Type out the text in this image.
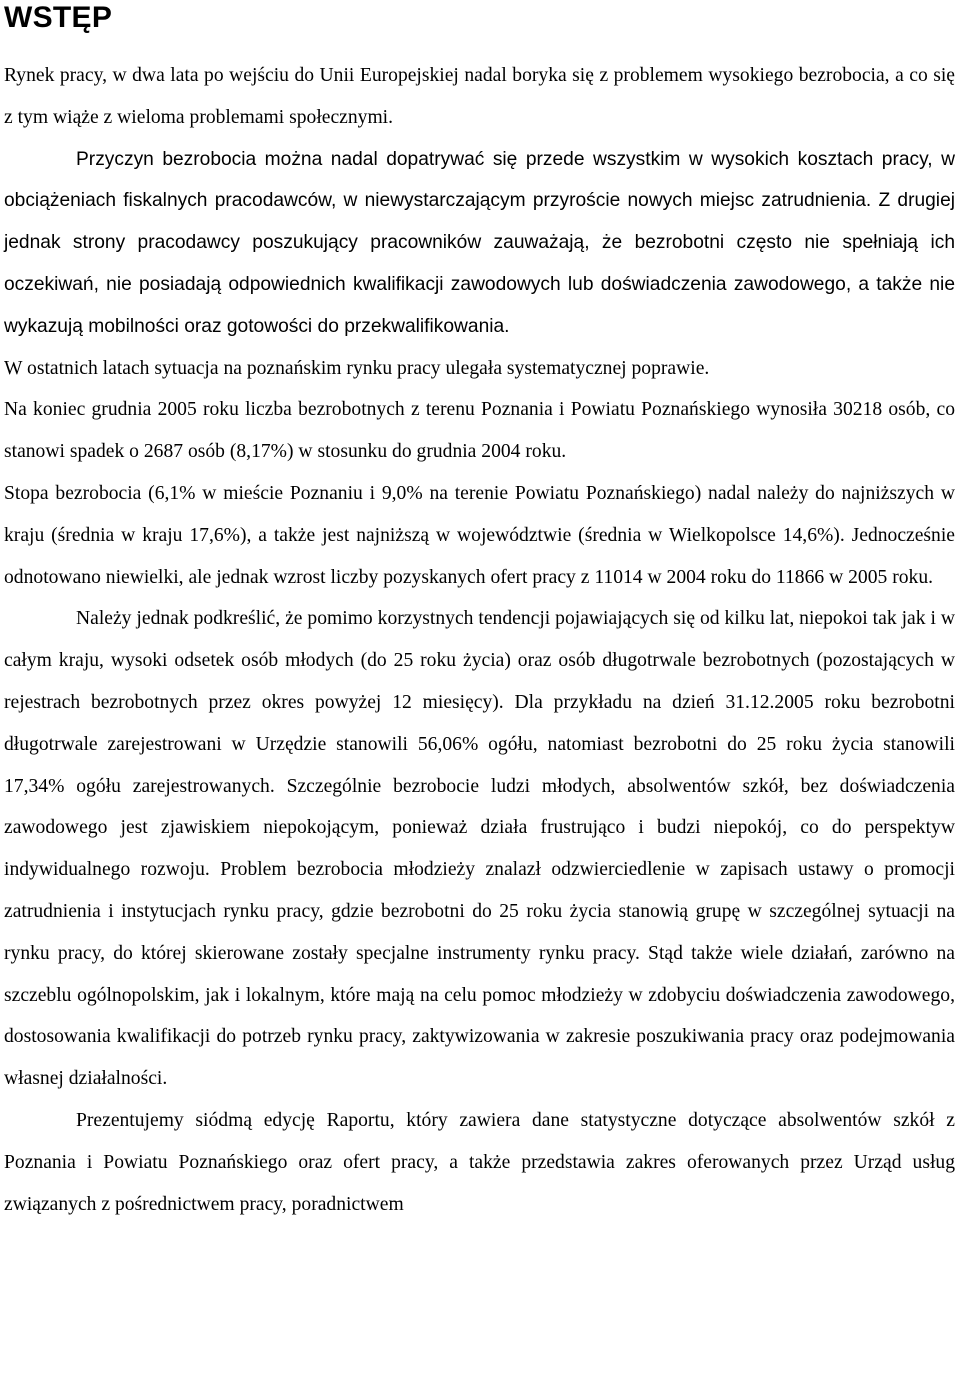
WSTĘP

Rynek pracy, w dwa lata po wejściu do Unii Europejskiej nadal boryka się z problemem wysokiego bezrobocia, a co się z tym wiąże z wieloma problemami społecznymi.

Przyczyn bezrobocia można nadal dopatrywać się przede wszystkim w wysokich kosztach pracy, w obciążeniach fiskalnych pracodawców, w niewystarczającym przyroście nowych miejsc zatrudnienia. Z drugiej jednak strony pracodawcy poszukujący pracowników zauważają, że bezrobotni często nie spełniają ich oczekiwań, nie posiadają odpowiednich kwalifikacji zawodowych lub doświadczenia zawodowego, a także nie wykazują mobilności oraz gotowości do przekwalifikowania.

W ostatnich latach sytuacja na poznańskim rynku pracy ulegała systematycznej poprawie.

Na koniec grudnia 2005 roku liczba bezrobotnych z terenu Poznania i Powiatu Poznańskiego wynosiła 30218 osób, co stanowi spadek o 2687 osób (8,17%) w stosunku do grudnia 2004 roku.

Stopa bezrobocia (6,1% w mieście Poznaniu i 9,0% na terenie Powiatu Poznańskiego) nadal należy do najniższych w kraju (średnia w kraju 17,6%), a także jest najniższą w województwie (średnia w Wielkopolsce 14,6%). Jednocześnie odnotowano niewielki, ale jednak wzrost liczby pozyskanych ofert pracy z 11014 w 2004 roku do 11866 w 2005 roku.

Należy jednak podkreślić, że pomimo korzystnych tendencji pojawiających się od kilku lat, niepokoi tak jak i w całym kraju, wysoki odsetek osób młodych (do 25 roku życia) oraz osób długotrwale bezrobotnych (pozostających w rejestrach bezrobotnych przez okres powyżej 12 miesięcy). Dla przykładu na dzień 31.12.2005 roku bezrobotni długotrwale zarejestrowani w Urzędzie stanowili 56,06% ogółu, natomiast bezrobotni do 25 roku życia stanowili 17,34% ogółu zarejestrowanych. Szczególnie bezrobocie ludzi młodych, absolwentów szkół, bez doświadczenia zawodowego jest zjawiskiem niepokojącym, ponieważ działa frustrująco i budzi niepokój, co do perspektyw indywidualnego rozwoju. Problem bezrobocia młodzieży znalazł odzwierciedlenie w zapisach ustawy o promocji zatrudnienia i instytucjach rynku pracy, gdzie bezrobotni do 25 roku życia stanowią grupę w szczególnej sytuacji na rynku pracy, do której skierowane zostały specjalne instrumenty rynku pracy. Stąd także wiele działań, zarówno na szczeblu ogólnopolskim, jak i lokalnym, które mają na celu pomoc młodzieży w zdobyciu doświadczenia zawodowego, dostosowania kwalifikacji do potrzeb rynku pracy, zaktywizowania w zakresie poszukiwania pracy oraz podejmowania własnej działalności.

Prezentujemy siódmą edycję Raportu, który zawiera dane statystyczne dotyczące absolwentów szkół z Poznania i Powiatu Poznańskiego oraz ofert pracy, a także przedstawia zakres oferowanych przez Urząd usług związanych z pośrednictwem pracy, poradnictwem
